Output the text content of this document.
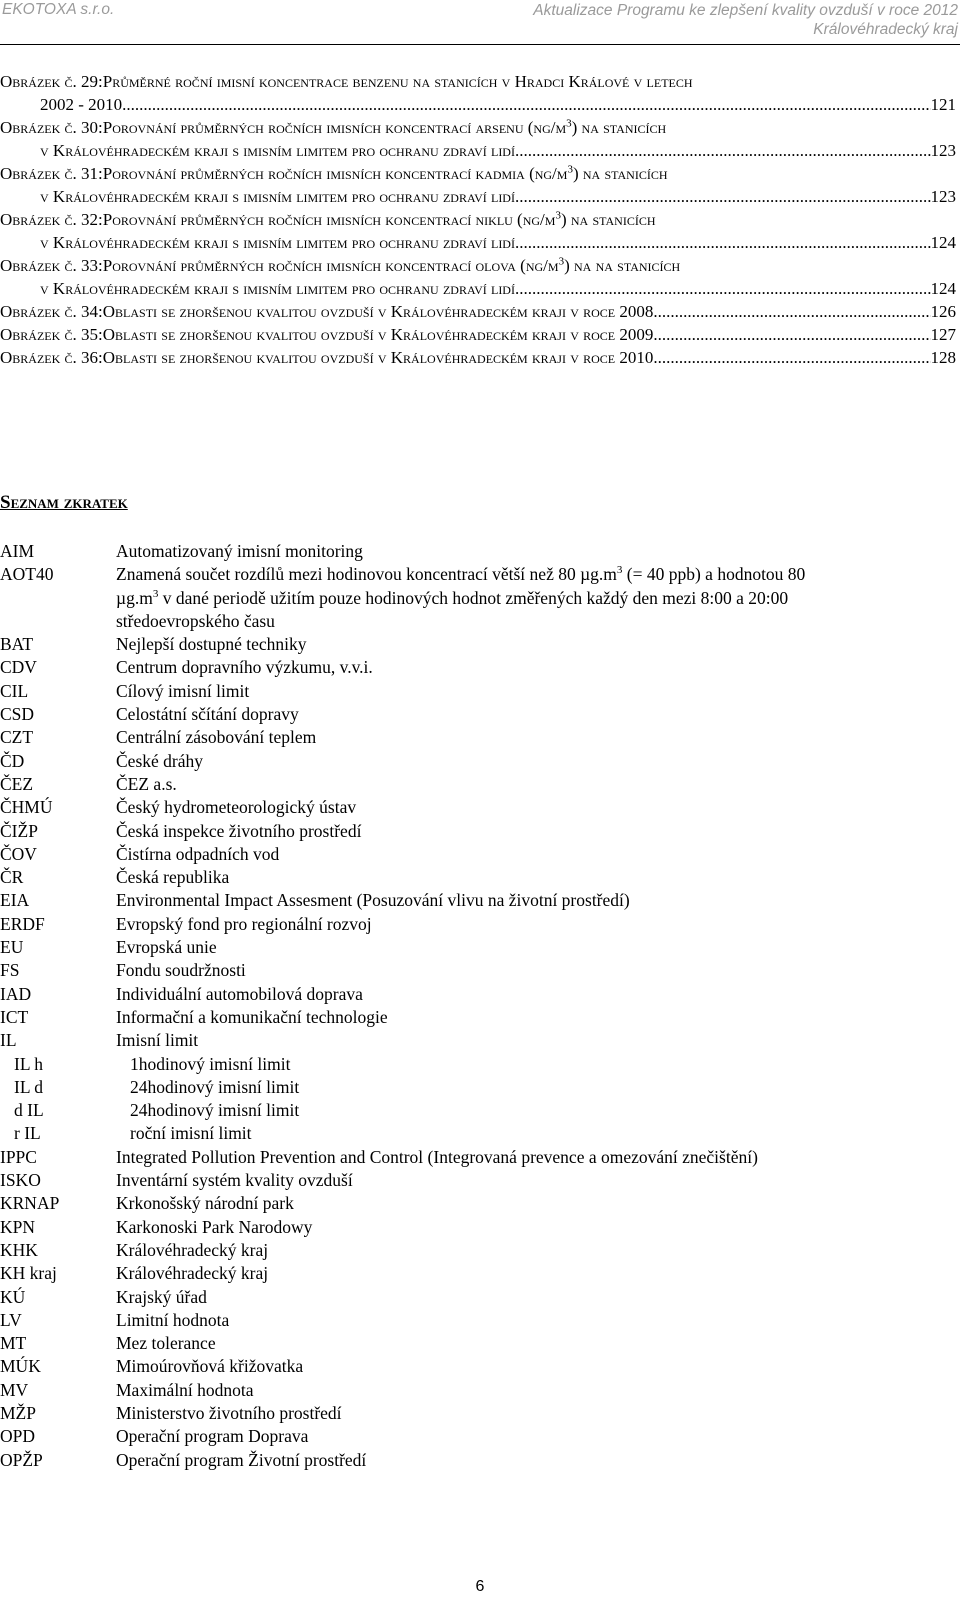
EKOTOXA s.r.o.	Aktualizace Programu ke zlepšení kvality ovzduší v roce 2012
Královéhradecký kraj
Obrázek č. 29: Průměrné roční imisní koncentrace benzenu na stanicích v Hradci Králové v letech
2002 - 2010 .....	121
Obrázek č. 30: Porovnání průměrných ročních imisních koncentrací arsenu $(ng/m^3)$ na stanicích
v Královéhradeckém kraji s imisním limitem pro ochranu zdraví lidí .....	123
Obrázek č. 31: Porovnání průměrných ročních imisních koncentrací kadmia $(ng/m^3)$ na stanicích
v Královéhradeckém kraji s imisním limitem pro ochranu zdraví lidí .....	123
Obrázek č. 32: Porovnání průměrných ročních imisních koncentrací niklu $(ng/m^3)$ na stanicích
v Královéhradeckém kraji s imisním limitem pro ochranu zdraví lidí .....	124
Obrázek č. 33: Porovnání průměrných ročních imisních koncentrací olova $(ng/m^3)$ na na stanicích
v Královéhradeckém kraji s imisním limitem pro ochranu zdraví lidí .....	124
Obrázek č. 34: Oblasti se zhoršenou kvalitou ovzduší v Královéhradeckém kraji v roce 2008 .....	126
Obrázek č. 35: Oblasti se zhoršenou kvalitou ovzduší v Královéhradeckém kraji v roce 2009 .....	127
Obrázek č. 36: Oblasti se zhoršenou kvalitou ovzduší v Královéhradeckém kraji v roce 2010 .....	128
Seznam zkratek
AIM	Automatizovaný imisní monitoring
AOT40	Znamená součet rozdílů mezi hodinovou koncentrací větší než 80 $\mu g.m^3$ (= 40 ppb) a hodnotou 80
$\mu g.m^3$ v dané periodě užitím pouze hodinových hodnot změřených každý den mezi 8:00 a 20:00
středoevropského času
BAT	Nejlepší dostupné techniky
CDV	Centrum dopravního výzkumu, v.v.i.
CIL	Cílový imisní limit
CSD	Celostátní sčítání dopravy
CZT	Centrální zásobování teplem
ČD	České dráhy
ČEZ	ČEZ a.s.
ČHMÚ	Český hydrometeorologický ústav
ČIŽP	Česká inspekce životního prostředí
ČOV	Čistírna odpadních vod
ČR	Česká republika
EIA	Environmental Impact Assesment (Posuzování vlivu na životní prostředí)
ERDF	Evropský fond pro regionální rozvoj
EU	Evropská unie
FS	Fondu soudržnosti
IAD	Individuální automobilová doprava
ICT	Informační a komunikační technologie
IL	Imisní limit
IL h	1hodinový imisní limit
IL d	24hodinový imisní limit
d IL	24hodinový imisní limit
r IL	roční imisní limit
IPPC	Integrated Pollution Prevention and Control (Integrovaná prevence a omezování znečištění)
ISKO	Inventární systém kvality ovzduší
KRNAP	Krkonošský národní park
KPN	Karkonoski Park Narodowy
KHK	Královéhradecký kraj
KH kraj	Královéhradecký kraj
KÚ	Krajský úřad
LV	Limitní hodnota
MT	Mez tolerance
MÚK	Mimoúrovňová křižovatka
MV	Maximální hodnota
MŽP	Ministerstvo životního prostředí
OPD	Operační program Doprava
OPŽP	Operační program Životní prostředí
6
